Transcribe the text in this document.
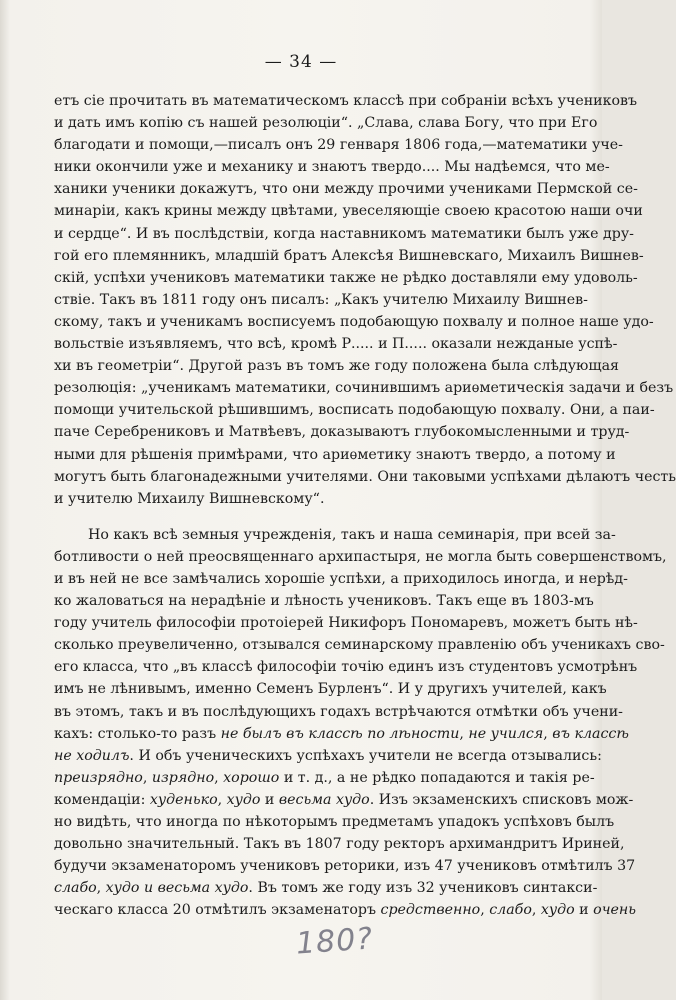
— 34 —
етъ сіе прочитать въ математическомъ классѣ при собраніи всѣхъ учениковъ
и дать имъ копію съ нашей резолюціи“. „Слава, слава Богу, что при Его
благодати и помощи,—писалъ онъ 29 генваря 1806 года,—математики уче-
ники окончили уже и механику и знаютъ твердо.... Мы надѣемся, что ме-
ханики ученики докажутъ, что они между прочими учениками Пермской се-
минаріи, какъ крины между цвѣтами, увеселяющіе своею красотою наши очи
и сердце“. И въ послѣдствіи, когда наставникомъ математики былъ уже дру-
гой его племянникъ, младшій братъ Алексѣя Вишневскаго, Михаилъ Вишнев-
скій, успѣхи учениковъ математики также не рѣдко доставляли ему удоволь-
ствіе. Такъ въ 1811 году онъ писалъ: „Какъ учителю Михаилу Вишнев-
скому, такъ и ученикамъ восписуемъ подобающую похвалу и полное наше удо-
вольствіе изъявляемъ, что всѣ, кромѣ Р..... и П..... оказали нежданые успѣ-
хи въ геометріи“. Другой разъ въ томъ же году положена была слѣдующая
резолюція: „ученикамъ математики, сочинившимъ ариѳметическія задачи и безъ
помощи учительской рѣшившимъ, восписать подобающую похвалу. Они, а паи-
паче Серебрениковъ и Матвѣевъ, доказываютъ глубокомысленными и труд-
ными для рѣшенія примѣрами, что ариѳметику знаютъ твердо, а потому и
могутъ быть благонадежными учителями. Они таковыми успѣхами дѣлаютъ честь
и учителю Михаилу Вишневскому“.
Но какъ всѣ земныя учрежденія, такъ и наша семинарія, при всей за-
ботливости о ней преосвященнаго архипастыря, не могла быть совершенствомъ,
и въ ней не все замѣчались хорошіе успѣхи, а приходилось иногда, и нерѣд-
ко жаловаться на нерадѣніе и лѣность учениковъ. Такъ еще въ 1803-мъ
году учитель философіи протоіерей Никифоръ Пономаревъ, можетъ быть нѣ-
сколько преувеличенно, отзывался семинарскому правленію объ ученикахъ сво-
его класса, что „въ классѣ философіи точію единъ изъ студентовъ усмотрѣнъ
имъ не лѣнивымъ, именно Семенъ Бурленъ“. И у другихъ учителей, какъ
въ этомъ, такъ и въ послѣдующихъ годахъ встрѣчаются отмѣтки объ учени-
кахъ: столько-то разъ не былъ въ классѣ по лѣности, не учился, въ классѣ
не ходилъ. И объ ученическихъ успѣхахъ учители не всегда отзывались:
преизрядно, изрядно, хорошо и т. д., а не рѣдко попадаются и такія ре-
комендаціи: худенько, худо и весьма худо. Изъ экзаменскихъ списковъ мож-
но видѣть, что иногда по нѣкоторымъ предметамъ упадокъ успѣховъ былъ
довольно значительный. Такъ въ 1807 году ректоръ архимандритъ Ириней,
будучи экзаменаторомъ учениковъ реторики, изъ 47 учениковъ отмѣтилъ 37
слабо, худо и весьма худо. Въ томъ же году изъ 32 учениковъ синтакси-
ческаго класса 20 отмѣтилъ экзаменаторъ средственно, слабо, худо и очень
180?
